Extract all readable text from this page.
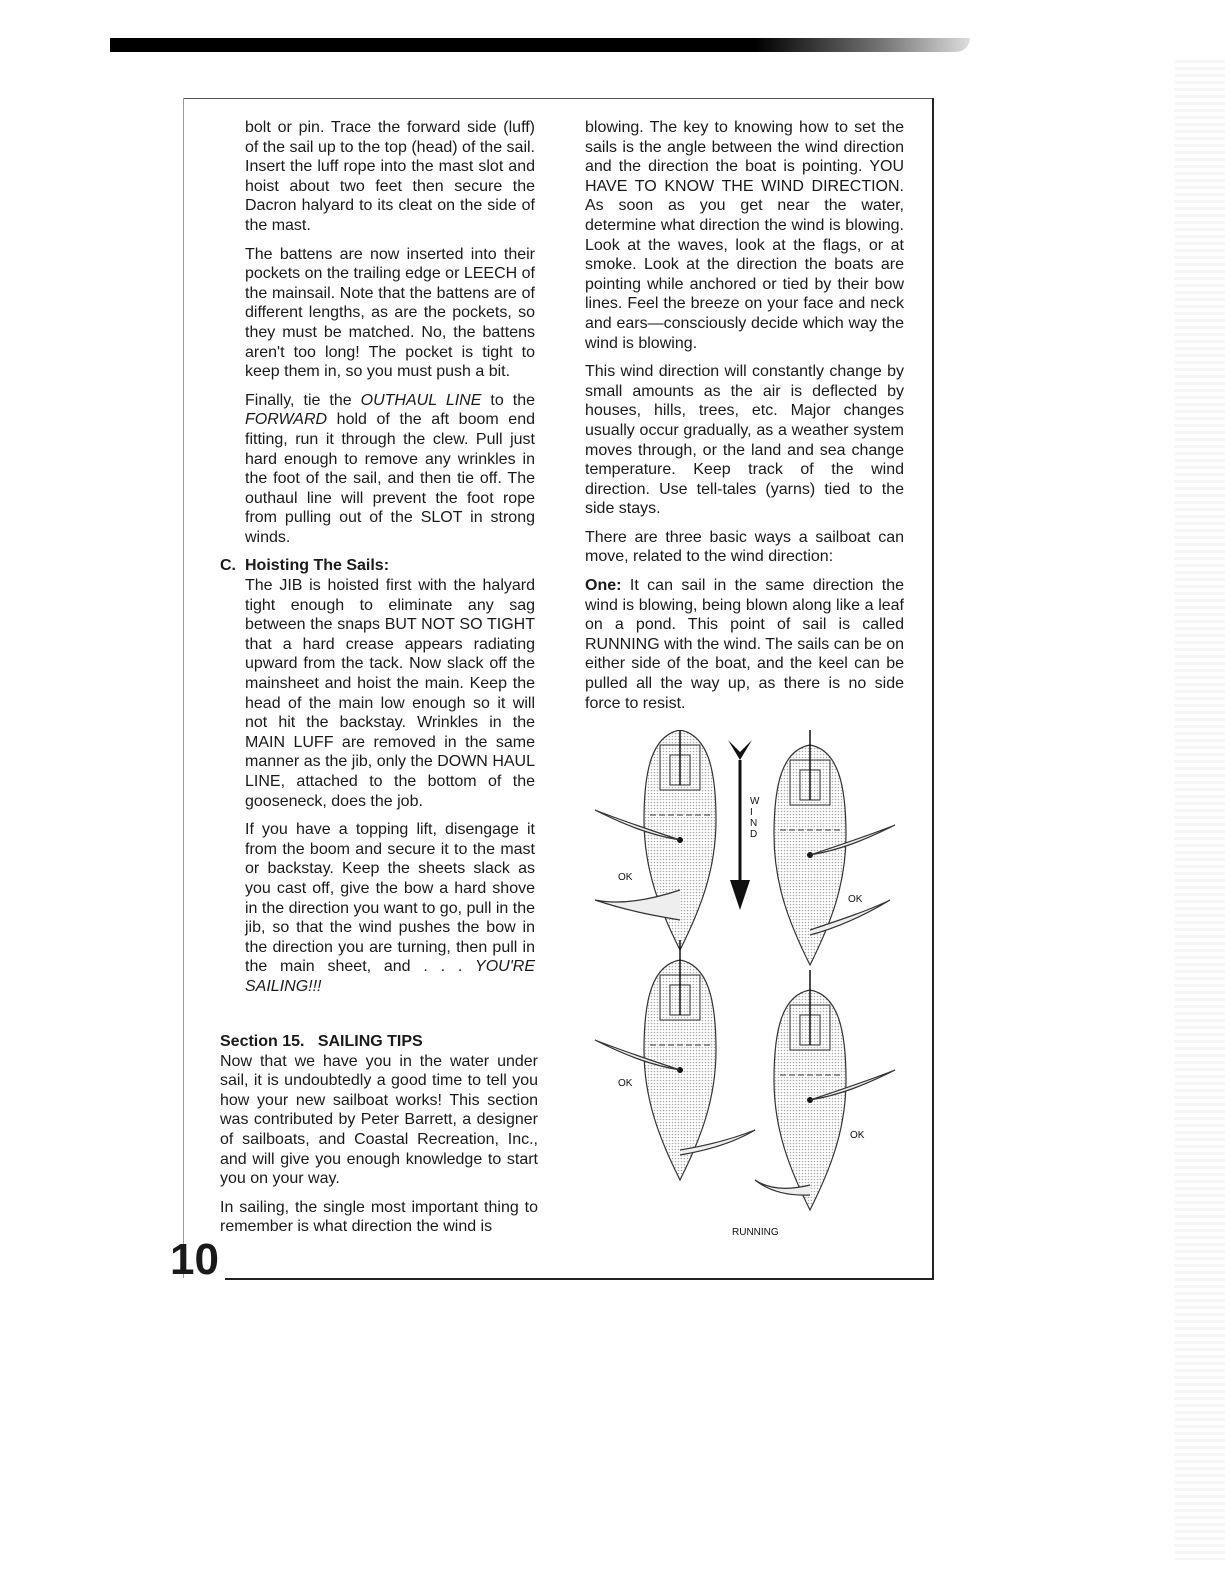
bolt or pin. Trace the forward side (luff) of the sail up to the top (head) of the sail. Insert the luff rope into the mast slot and hoist about two feet then secure the Dacron halyard to its cleat on the side of the mast.

The battens are now inserted into their pockets on the trailing edge or LEECH of the mainsail. Note that the battens are of different lengths, as are the pockets, so they must be matched. No, the battens aren't too long! The pocket is tight to keep them in, so you must push a bit.

Finally, tie the OUTHAUL LINE to the FORWARD hold of the aft boom end fitting, run it through the clew. Pull just hard enough to remove any wrinkles in the foot of the sail, and then tie off. The outhaul line will prevent the foot rope from pulling out of the SLOT in strong winds.

C. Hoisting The Sails:

The JIB is hoisted first with the halyard tight enough to eliminate any sag between the snaps BUT NOT SO TIGHT that a hard crease appears radiating upward from the tack. Now slack off the mainsheet and hoist the main. Keep the head of the main low enough so it will not hit the backstay. Wrinkles in the MAIN LUFF are removed in the same manner as the jib, only the DOWN HAUL LINE, attached to the bottom of the gooseneck, does the job.

If you have a topping lift, disengage it from the boom and secure it to the mast or backstay. Keep the sheets slack as you cast off, give the bow a hard shove in the direction you want to go, pull in the jib, so that the wind pushes the bow in the direction you are turning, then pull in the main sheet, and . . . YOU'RE SAILING!!!

Section 15.   SAILING TIPS

Now that we have you in the water under sail, it is undoubtedly a good time to tell you how your new sailboat works! This section was contributed by Peter Barrett, a designer of sailboats, and Coastal Recreation, Inc., and will give you enough knowledge to start you on your way.

In sailing, the single most important thing to remember is what direction the wind is

blowing. The key to knowing how to set the sails is the angle between the wind direction and the direction the boat is pointing. YOU HAVE TO KNOW THE WIND DIRECTION. As soon as you get near the water, determine what direction the wind is blowing. Look at the waves, look at the flags, or at smoke. Look at the direction the boats are pointing while anchored or tied by their bow lines. Feel the breeze on your face and neck and ears—consciously decide which way the wind is blowing.

This wind direction will constantly change by small amounts as the air is deflected by houses, hills, trees, etc. Major changes usually occur gradually, as a weather system moves through, or the land and sea change temperature. Keep track of the wind direction. Use tell-tales (yarns) tied to the side stays.

There are three basic ways a sailboat can move, related to the wind direction:

One: It can sail in the same direction the wind is blowing, being blown along like a leaf on a pond. This point of sail is called RUNNING with the wind. The sails can be on either side of the boat, and the keel can be pulled all the way up, as there is no side force to resist.

W
I
N
D
OK
OK
OK
OK
RUNNING
10
